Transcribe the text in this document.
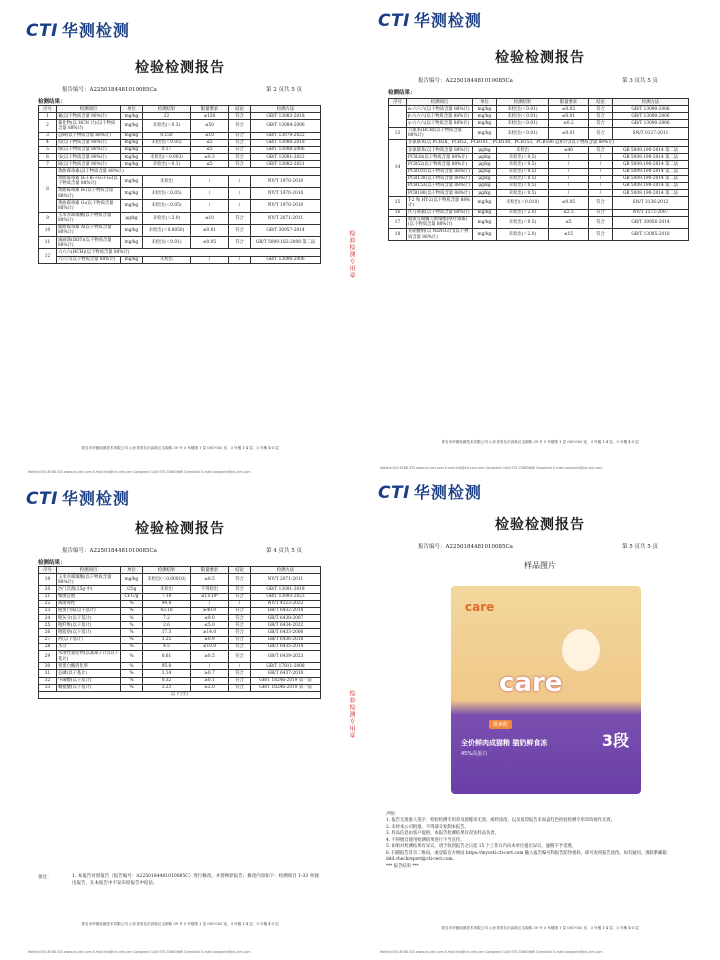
CTI 华测检测
检验检测报告
报告编号：A2250184481010085Ca	第 2 页共 5 页
检测结果：
序号	检测项目	单位	检测结果	限量要求	结论	检测方法
1	氟(以干物质含量 88%计)	mg/kg	22	≤150	符合	GB/T 13083-2018
2	氰化物(以 HCN 计)(以干物质含量 88%计)	mg/kg	未检出(＜0.3)	≤50	符合	GB/T 13084-2006
3	总砷(以干物质含量 88%计)	mg/kg	0.150	≤10	符合	GB/T 13079-2022
4	铅(以干物质含量 88%计)	mg/kg	未检出(＜0.05)	≤5	符合	GB/T 13080-2018
5	铬(以干物质含量 88%计)	mg/kg	0.17	≤5	符合	GB/T 13088-2006
6	汞(以干物质含量 88%计)	mg/kg	未检出(＜0.003)	≤0.3	符合	GB/T 13081-2022
7	镉(以干物质含量 88%计)	mg/kg	未检出(＜0.1)	≤5	符合	GB/T 13082-2021
8	黄曲霉毒素(以干物质含量 88%计)					
	黄曲霉毒素 B₁+B₂+G₁+G₂(以干物质含量 88%计)	mg/kg	未检出	/	/	NY/T 1970-2010
	黄曲霉毒素 B₁(以干物质含量 88%计)	mg/kg	未检出(＜0.05)	/	/	NY/T 1970-2010
	黄曲霉毒素 G₁(以干物质含量 88%计)	mg/kg	未检出(＜0.05)	/	/	NY/T 1970-2010
9	玉米赤霉烯酮(以干物质含量 88%计)	μg/kg	未检出(＜2.0)	≤10	符合	NY/T 2071-2011
10	赭曲霉毒素 A(以干物质含量 88%计)	mg/kg	未检出(＜0.0050)	≤0.01	符合	GB/T 30957-2014
11	滴滴涕(DDT)(以干物质含量 88%计)	mg/kg	未检出(＜0.01)	≤0.05	符合	GB/T 5009.162-2008 第二法
12	六六六(HCH)(以干物质含量 88%计)					
	六六六(以干物质含量 88%计)	mg/kg	未检出	/	/	GB/T 13090-2006
青岛市华测检测技术有限公司 山东省青岛市高新区宝源路 39 号 5 号楼第 1 层 001-002 室、3 号楼 1-4 层、5 号楼 4-5 层
Hotline:400-6788-333 www.cti-cert.com E-mail:info@cti-cert.com Complaint Call:0755-33683666 Complaint E-mail:complaint@cti-cert.com
检验检测专用章
CTI 华测检测
检验检测报告
报告编号：A2250184481010085Ca	第 3 页共 5 页
检测结果：
序号	检测项目	单位	检测结果	限量要求	结论	检测方法
	α-六六六(以干物质含量 88%计)	mg/kg	未检出(＜0.01)	≤0.02	符合	GB/T 13090-2006
	β-六六六(以干物质含量 88%计)	mg/kg	未检出(＜0.01)	≤0.01	符合	GB/T 13090-2006
	γ-六六六(以干物质含量 88%计)	mg/kg	未检出(＜0.01)	≤0.2	符合	GB/T 13090-2006
13	六氯苯(HCB)(以干物质含量 88%计)	mg/kg	未检出(＜0.01)	≤0.01	符合	SN/T 0127-2011
14	多氯联苯(以 PCB28、PCB52、PCB101、PCB138、PCB153、PCB180 总和计)(以干物质含量 88%计)					
	多氯联苯(以干物质含量 88%计)	μg/kg	未检出	≤40	符合	GB 5009.190-2014 第二法
	PCB28(以干物质含量 88%计)	μg/kg	未检出(＜0.5)	/	/	GB 5009.190-2014 第二法
	PCB52(以干物质含量 88%计)	μg/kg	未检出(＜0.5)	/	/	GB 5009.190-2014 第二法
	PCB101(以干物质含量 88%计)	μg/kg	未检出(＜0.5)	/	/	GB 5009.190-2014 第二法
	PCB138(以干物质含量 88%计)	μg/kg	未检出(＜0.5)	/	/	GB 5009.190-2014 第二法
	PCB153(以干物质含量 88%计)	μg/kg	未检出(＜0.5)	/	/	GB 5009.190-2014 第二法
	PCB180(以干物质含量 88%计)	μg/kg	未检出(＜0.5)	/	/	GB 5009.190-2014 第二法
15	T-2 和 HT-2(以干物质含量 88%计)	mg/kg	未检出(＜0.010)	≤0.05	符合	SN/T 3136-2012
16	伏马毒素(以干物质含量 88%计)	mg/kg	未检出(＜2.0)	≤2.5	符合	NY/T 1572-2007
17	脱氧雪腐镰刀菌烯醇(呕吐毒素)(以干物质含量 88%计)	mg/kg	未检出(＜0.5)	≤5	符合	GB/T 30956-2014
18	亚硝酸钠(以 NaNO₂计)(以干物质含量 88%计)	mg/kg	未检出(＜2.0)	≤15	符合	GB/T 13085-2018
青岛市华测检测技术有限公司 山东省青岛市高新区宝源路 39 号 5 号楼第 1 层 001-002 室、3 号楼 1-4 层、5 号楼 4-5 层
Hotline:400-6788-333 www.cti-cert.com E-mail:info@cti-cert.com Complaint Call:0755-33683666 Complaint E-mail:complaint@cti-cert.com
CTI 华测检测
检验检测报告
报告编号：A2250184481010085Ca	第 4 页共 5 页
检测结果：
序号	检测项目	单位	检测结果	限量要求	结论	检测方法
19	玉米赤霉烯酮(以干物质含量 88%计)	mg/kg	未检出(＜0.00010)	≤0.5	符合	NY/T 2071-2011
20	沙门氏菌(25g 中)	/25g	未检出	不得检出	符合	GB/T 13091-2018
21	细菌总数	CFU/g	＜10	≤1×10⁶	符合	GB/T 13093-2023
22	霉菌毒性	%	94.8	/	/	NY/T 4123-2022
23	粗蛋白质(以干基计)	%	43.18	≥40.0	符合	GB/T 6432-2018
24	粗灰分(以干基计)	%	7.2	≤9.0	符合	GB/T 6438-2007
25	粗纤维(以干基计)	%	2.6	≤5.0	符合	GB/T 6434-2022
26	粗脂肪(以干基计)	%	17.3	≥14.0	符合	GB/T 6433-2006
27	钙(以干基计)	%	1.25	≥0.9	符合	GB/T 6436-2018
28	水分	%	4.5	≤10.0	符合	GB/T 6435-2014
29	水溶性氯化物(以氯离子计)(以干基计)	%	0.61	≥0.5	符合	GB/T 6439-2023
30	胃蛋白酶消化率	%	95.8	/	/	GB/T 17811-2008
31	总磷(以干基计)	%	1.14	≥0.7	符合	GB/T 6437-2018
32	牛磺酸(以干基计)	%	0.32	≥0.1	符合	GB/T 18246-2019 第一法
33	赖氨酸(以干基计)	%	3.23	≥2.0	符合	GB/T 18246-2019 第一法
以下空白						
备注：	1. 本报告对原报告（报告编号：A2250184481010085C）进行修改，并替换原报告；修改内容如下：检测项目 1-33 单独出报告，在本报告中不发布原报告中结论。
青岛市华测检测技术有限公司 山东省青岛市高新区宝源路 39 号 5 号楼第 1 层 001-002 室、3 号楼 1-4 层、5 号楼 4-5 层
Hotline:400-6788-333 www.cti-cert.com E-mail:info@cti-cert.com Complaint Call:0755-33683666 Complaint E-mail:complaint@cti-cert.com
检验检测专用章
CTI 华测检测
检验检测报告
报告编号：A2250184481010085Ca	第 5 页共 5 页
样品图片
care
care
微素配
全价鲜肉成猫粮 猫奶鲜食冻
45%高蛋白
3段
声明：
1. 报告无批准人签字、检验检测专用章及骑缝章无效，或经涂改，以及复印报告未加盖红色检验检测专用章均视作无效。
2. 未经本公司批准，不得部分复制本报告。
3. 样品信息由客户提供，本报告检测结果仅对送样品负责。
4. 不得擅自使用检测结果进行不当宣传。
5. 如果对检测结果有异议，请于收到报告之日起 15 个工作日内向本单位提出异议，逾期不予受理。
6. 扫描报告首页二维码，或登陆官方网站 https://myceti.cti-cert.com 输入报告编号和报告防伪密码，即可查询报告真伪。如有疑问，请联系邮箱：ddd.checkreport@cti-cert.com。
*** 报告结束 ***
青岛市华测检测技术有限公司 山东省青岛市高新区宝源路 39 号 5 号楼第 1 层 001-002 室、3 号楼 1-4 层、5 号楼 4-5 层
Hotline:400-6788-333 www.cti-cert.com E-mail:info@cti-cert.com Complaint Call:0755-33683666 Complaint E-mail:complaint@cti-cert.com
